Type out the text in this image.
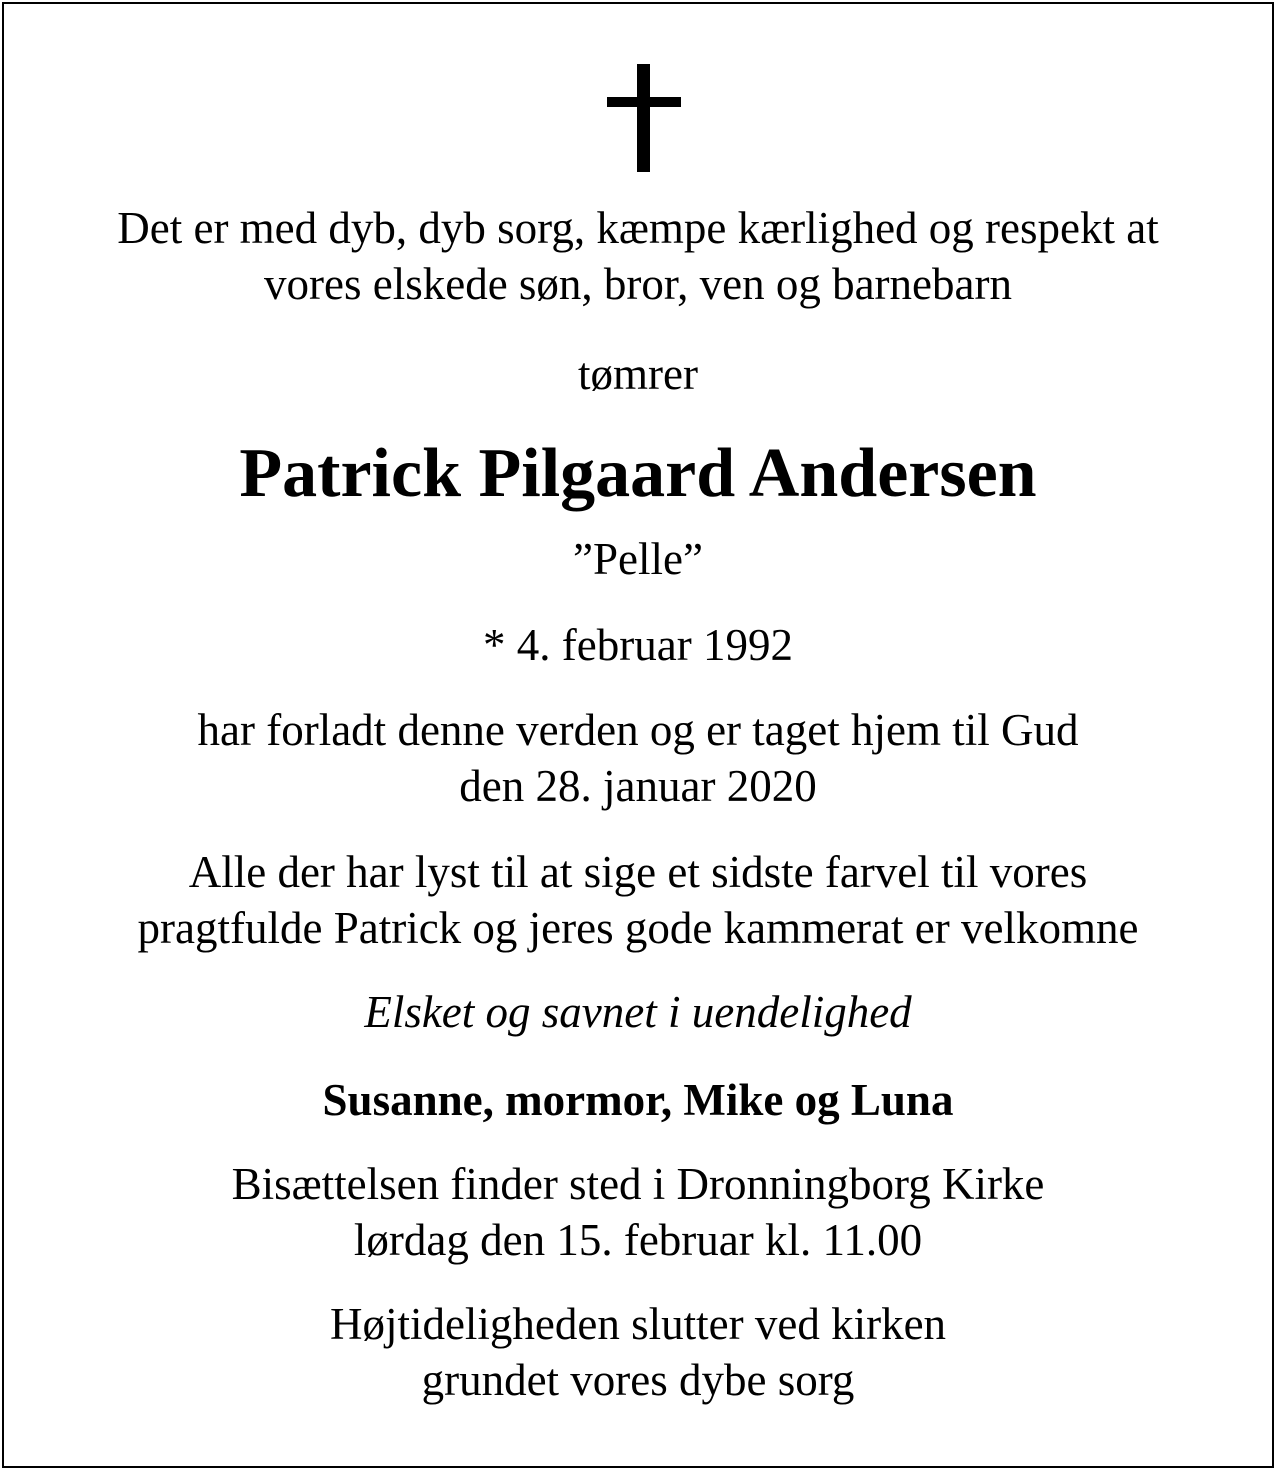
Det er med dyb, dyb sorg, kæmpe kærlighed og respekt at
vores elskede søn, bror, ven og barnebarn
tømrer
Patrick Pilgaard Andersen
”Pelle”
* 4. februar 1992
har forladt denne verden og er taget hjem til Gud
den 28. januar 2020
Alle der har lyst til at sige et sidste farvel til vores
pragtfulde Patrick og jeres gode kammerat er velkomne
Elsket og savnet i uendelighed
Susanne, mormor, Mike og Luna
Bisættelsen finder sted i Dronningborg Kirke
lørdag den 15. februar kl. 11.00
Højtideligheden slutter ved kirken
grundet vores dybe sorg
